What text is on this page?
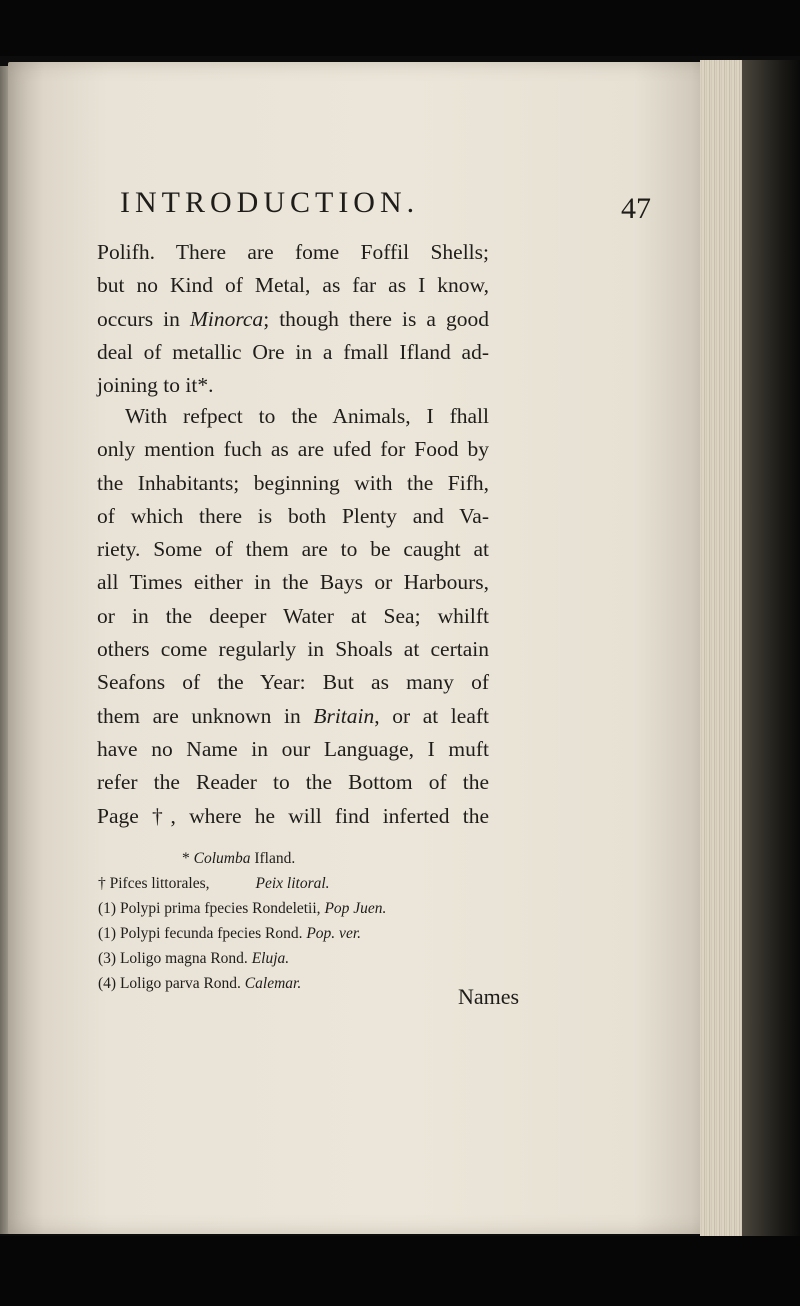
INTRODUCTION.	47

Polifh. There are fome Foffil Shells;
but no Kind of Metal, as far as I know,
occurs in Minorca; though there is a good
deal of metallic Ore in a fmall Ifland ad-
joining to it*.

With refpect to the Animals, I fhall
only mention fuch as are ufed for Food by
the Inhabitants; beginning with the Fifh,
of which there is both Plenty and Va-
riety. Some of them are to be caught at
all Times either in the Bays or Harbours,
or in the deeper Water at Sea; whilft
others come regularly in Shoals at certain
Seafons of the Year: But as many of
them are unknown in Britain, or at leaft
have no Name in our Language, I muft
refer the Reader to the Bottom of the
Page †, where he will find inferted the

* Columba Ifland.
† Pifces littorales,	Peix litoral.
(1) Polypi prima fpecies Rondeletii, Pop Juen.
(1) Polypi fecunda fpecies Rond. Pop. ver.
(3) Loligo magna Rond. Eluja.
(4) Loligo parva Rond. Calemar.
Names
